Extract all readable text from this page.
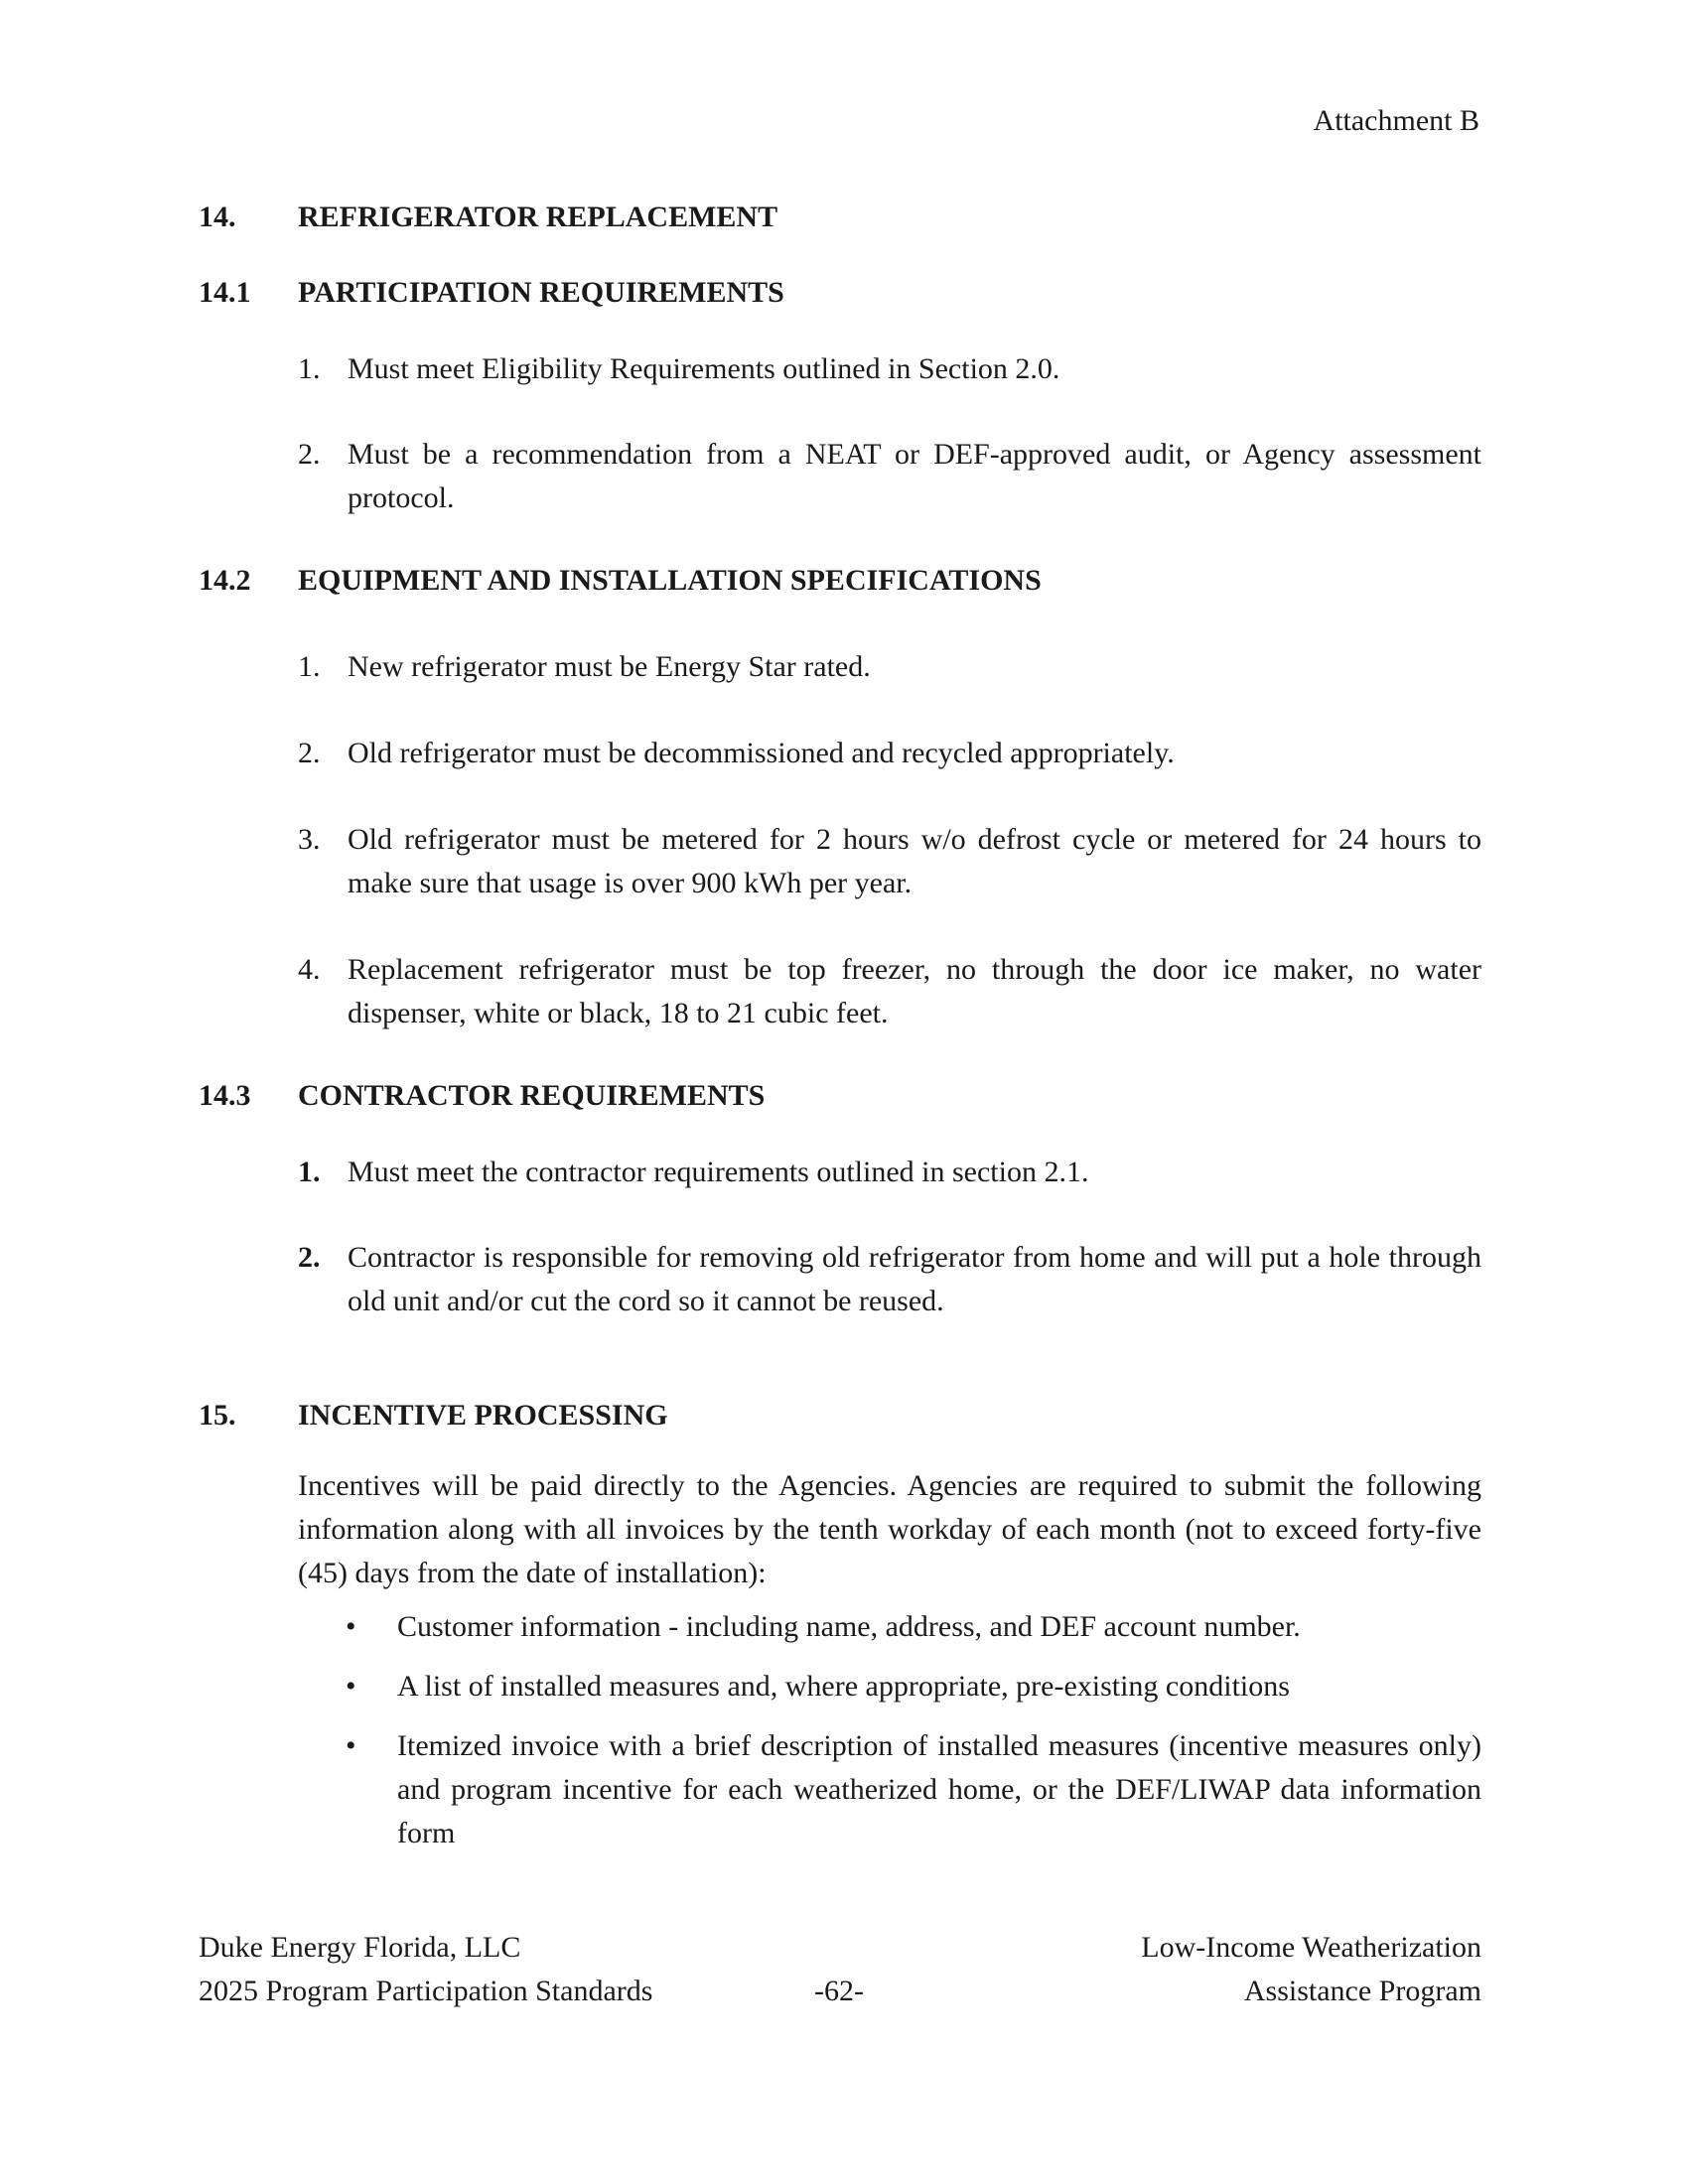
Attachment B
14. REFRIGERATOR REPLACEMENT
14.1 PARTICIPATION REQUIREMENTS
1. Must meet Eligibility Requirements outlined in Section 2.0.
2. Must be a recommendation from a NEAT or DEF-approved audit, or Agency assessment protocol.
14.2 EQUIPMENT AND INSTALLATION SPECIFICATIONS
1. New refrigerator must be Energy Star rated.
2. Old refrigerator must be decommissioned and recycled appropriately.
3. Old refrigerator must be metered for 2 hours w/o defrost cycle or metered for 24 hours to make sure that usage is over 900 kWh per year.
4. Replacement refrigerator must be top freezer, no through the door ice maker, no water dispenser, white or black, 18 to 21 cubic feet.
14.3 CONTRACTOR REQUIREMENTS
1. Must meet the contractor requirements outlined in section 2.1.
2. Contractor is responsible for removing old refrigerator from home and will put a hole through old unit and/or cut the cord so it cannot be reused.
15. INCENTIVE PROCESSING
Incentives will be paid directly to the Agencies. Agencies are required to submit the following information along with all invoices by the tenth workday of each month (not to exceed forty-five (45) days from the date of installation):
•	Customer information - including name, address, and DEF account number.
•	A list of installed measures and, where appropriate, pre-existing conditions
•	Itemized invoice with a brief description of installed measures (incentive measures only) and program incentive for each weatherized home, or the DEF/LIWAP data information form
Duke Energy Florida, LLC
2025 Program Participation Standards	-62-
Low-Income Weatherization
Assistance Program
